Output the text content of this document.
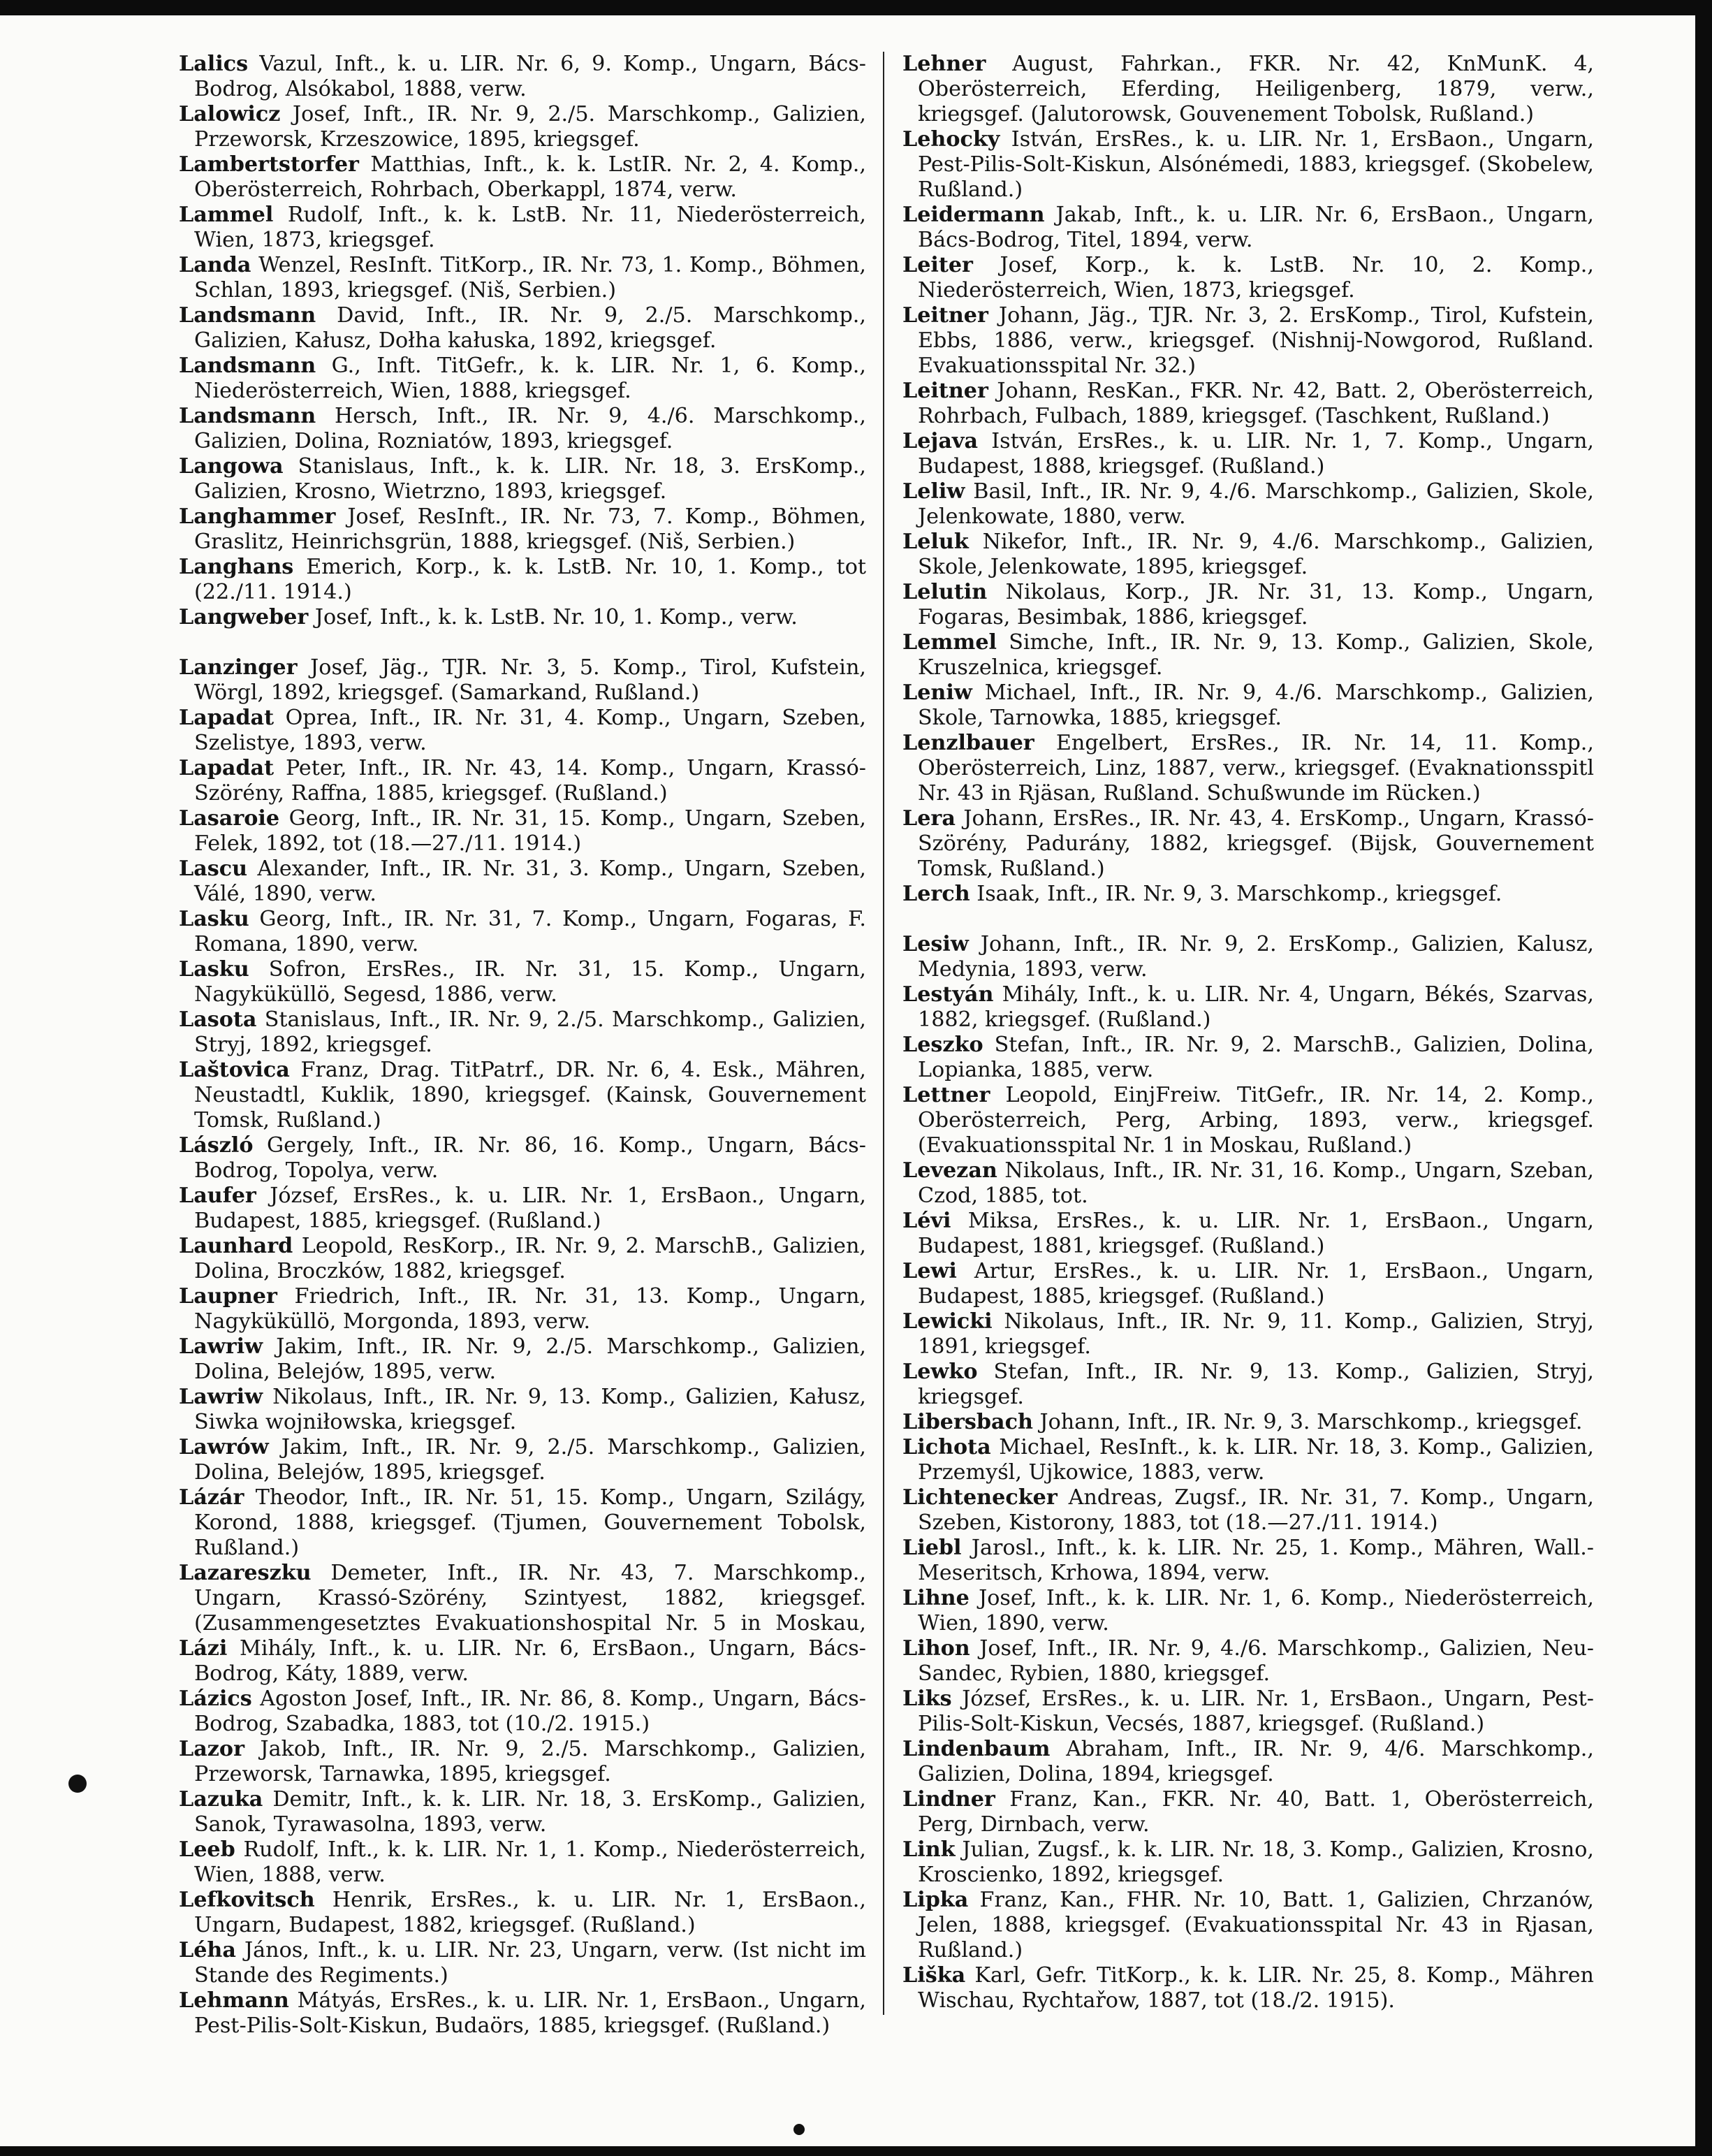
Lalics Vazul, Inft., k. u. LIR. Nr. 6, 9. Komp., Ungarn, Bács-Bodrog, Alsókabol, 1888, verw.
Lalowicz Josef, Inft., IR. Nr. 9, 2./5. Marschkomp., Galizien, Przeworsk, Krzeszowice, 1895, kriegsgef.
Lambertstorfer Matthias, Inft., k. k. LstIR. Nr. 2, 4. Komp., Oberösterreich, Rohrbach, Oberkappl, 1874, verw.
Lammel Rudolf, Inft., k. k. LstB. Nr. 11, Niederösterreich, Wien, 1873, kriegsgef.
Landa Wenzel, ResInft. TitKorp., IR. Nr. 73, 1. Komp., Böhmen, Schlan, 1893, kriegsgef. (Niš, Serbien.)
Landsmann David, Inft., IR. Nr. 9, 2./5. Marschkomp., Galizien, Kałusz, Dołha kałuska, 1892, kriegsgef.
Landsmann G., Inft. TitGefr., k. k. LIR. Nr. 1, 6. Komp., Niederösterreich, Wien, 1888, kriegsgef.
Landsmann Hersch, Inft., IR. Nr. 9, 4./6. Marschkomp., Galizien, Dolina, Rozniatów, 1893, kriegsgef.
Langowa Stanislaus, Inft., k. k. LIR. Nr. 18, 3. ErsKomp., Galizien, Krosno, Wietrzno, 1893, kriegsgef.
Langhammer Josef, ResInft., IR. Nr. 73, 7. Komp., Böhmen, Graslitz, Heinrichsgrün, 1888, kriegsgef. (Niš, Serbien.)
Langhans Emerich, Korp., k. k. LstB. Nr. 10, 1. Komp., tot (22./11. 1914.)
Langweber Josef, Inft., k. k. LstB. Nr. 10, 1. Komp., verw.
Lanzinger Josef, Jäg., TJR. Nr. 3, 5. Komp., Tirol, Kufstein, Wörgl, 1892, kriegsgef. (Samarkand, Rußland.)
Lapadat Oprea, Inft., IR. Nr. 31, 4. Komp., Ungarn, Szeben, Szelistye, 1893, verw.
Lapadat Peter, Inft., IR. Nr. 43, 14. Komp., Ungarn, Krassó-Szörény, Raffna, 1885, kriegsgef. (Rußland.)
Lasaroie Georg, Inft., IR. Nr. 31, 15. Komp., Ungarn, Szeben, Felek, 1892, tot (18.—27./11. 1914.)
Lascu Alexander, Inft., IR. Nr. 31, 3. Komp., Ungarn, Szeben, Válé, 1890, verw.
Lasku Georg, Inft., IR. Nr. 31, 7. Komp., Ungarn, Fogaras, F. Romana, 1890, verw.
Lasku Sofron, ErsRes., IR. Nr. 31, 15. Komp., Ungarn, Nagyküküllö, Segesd, 1886, verw.
Lasota Stanislaus, Inft., IR. Nr. 9, 2./5. Marschkomp., Galizien, Stryj, 1892, kriegsgef.
Laštovica Franz, Drag. TitPatrf., DR. Nr. 6, 4. Esk., Mähren, Neustadtl, Kuklik, 1890, kriegsgef. (Kainsk, Gouvernement Tomsk, Rußland.)
László Gergely, Inft., IR. Nr. 86, 16. Komp., Ungarn, Bács-Bodrog, Topolya, verw.
Laufer József, ErsRes., k. u. LIR. Nr. 1, ErsBaon., Ungarn, Budapest, 1885, kriegsgef. (Rußland.)
Launhard Leopold, ResKorp., IR. Nr. 9, 2. MarschB., Galizien, Dolina, Broczków, 1882, kriegsgef.
Laupner Friedrich, Inft., IR. Nr. 31, 13. Komp., Ungarn, Nagyküküllö, Morgonda, 1893, verw.
Lawriw Jakim, Inft., IR. Nr. 9, 2./5. Marschkomp., Galizien, Dolina, Belejów, 1895, verw.
Lawriw Nikolaus, Inft., IR. Nr. 9, 13. Komp., Galizien, Kałusz, Siwka wojniłowska, kriegsgef.
Lawrów Jakim, Inft., IR. Nr. 9, 2./5. Marschkomp., Galizien, Dolina, Belejów, 1895, kriegsgef.
Lázár Theodor, Inft., IR. Nr. 51, 15. Komp., Ungarn, Szilágy, Korond, 1888, kriegsgef. (Tjumen, Gouvernement Tobolsk, Rußland.)
Lazareszku Demeter, Inft., IR. Nr. 43, 7. Marschkomp., Ungarn, Krassó-Szörény, Szintyest, 1882, kriegsgef. (Zusammengesetztes Evakuationshospital Nr. 5 in Moskau,
Lázi Mihály, Inft., k. u. LIR. Nr. 6, ErsBaon., Ungarn, Bács-Bodrog, Káty, 1889, verw.
Lázics Agoston Josef, Inft., IR. Nr. 86, 8. Komp., Ungarn, Bács-Bodrog, Szabadka, 1883, tot (10./2. 1915.)
Lazor Jakob, Inft., IR. Nr. 9, 2./5. Marschkomp., Galizien, Przeworsk, Tarnawka, 1895, kriegsgef.
Lazuka Demitr, Inft., k. k. LIR. Nr. 18, 3. ErsKomp., Galizien, Sanok, Tyrawasolna, 1893, verw.
Leeb Rudolf, Inft., k. k. LIR. Nr. 1, 1. Komp., Niederösterreich, Wien, 1888, verw.
Lefkovitsch Henrik, ErsRes., k. u. LIR. Nr. 1, ErsBaon., Ungarn, Budapest, 1882, kriegsgef. (Rußland.)
Léha János, Inft., k. u. LIR. Nr. 23, Ungarn, verw. (Ist nicht im Stande des Regiments.)
Lehmann Mátyás, ErsRes., k. u. LIR. Nr. 1, ErsBaon., Ungarn, Pest-Pilis-Solt-Kiskun, Budaörs, 1885, kriegsgef. (Rußland.)
Lehner August, Fahrkan., FKR. Nr. 42, KnMunK. 4, Oberösterreich, Eferding, Heiligenberg, 1879, verw., kriegsgef. (Jalutorowsk, Gouvenement Tobolsk, Rußland.)
Lehocky István, ErsRes., k. u. LIR. Nr. 1, ErsBaon., Ungarn, Pest-Pilis-Solt-Kiskun, Alsónémedi, 1883, kriegsgef. (Skobelew, Rußland.)
Leidermann Jakab, Inft., k. u. LIR. Nr. 6, ErsBaon., Ungarn, Bács-Bodrog, Titel, 1894, verw.
Leiter Josef, Korp., k. k. LstB. Nr. 10, 2. Komp., Niederösterreich, Wien, 1873, kriegsgef.
Leitner Johann, Jäg., TJR. Nr. 3, 2. ErsKomp., Tirol, Kufstein, Ebbs, 1886, verw., kriegsgef. (Nishnij-Nowgorod, Rußland. Evakuationsspital Nr. 32.)
Leitner Johann, ResKan., FKR. Nr. 42, Batt. 2, Oberösterreich, Rohrbach, Fulbach, 1889, kriegsgef. (Taschkent, Rußland.)
Lejava István, ErsRes., k. u. LIR. Nr. 1, 7. Komp., Ungarn, Budapest, 1888, kriegsgef. (Rußland.)
Leliw Basil, Inft., IR. Nr. 9, 4./6. Marschkomp., Galizien, Skole, Jelenkowate, 1880, verw.
Leluk Nikefor, Inft., IR. Nr. 9, 4./6. Marschkomp., Galizien, Skole, Jelenkowate, 1895, kriegsgef.
Lelutin Nikolaus, Korp., JR. Nr. 31, 13. Komp., Ungarn, Fogaras, Besimbak, 1886, kriegsgef.
Lemmel Simche, Inft., IR. Nr. 9, 13. Komp., Galizien, Skole, Kruszelnica, kriegsgef.
Leniw Michael, Inft., IR. Nr. 9, 4./6. Marschkomp., Galizien, Skole, Tarnowka, 1885, kriegsgef.
Lenzlbauer Engelbert, ErsRes., IR. Nr. 14, 11. Komp., Oberösterreich, Linz, 1887, verw., kriegsgef. (Evaknationsspitl Nr. 43 in Rjäsan, Rußland. Schußwunde im Rücken.)
Lera Johann, ErsRes., IR. Nr. 43, 4. ErsKomp., Ungarn, Krassó-Szörény, Padurány, 1882, kriegsgef. (Bijsk, Gouvernement Tomsk, Rußland.)
Lerch Isaak, Inft., IR. Nr. 9, 3. Marschkomp., kriegsgef.
Lesiw Johann, Inft., IR. Nr. 9, 2. ErsKomp., Galizien, Kalusz, Medynia, 1893, verw.
Lestyán Mihály, Inft., k. u. LIR. Nr. 4, Ungarn, Békés, Szarvas, 1882, kriegsgef. (Rußland.)
Leszko Stefan, Inft., IR. Nr. 9, 2. MarschB., Galizien, Dolina, Lopianka, 1885, verw.
Lettner Leopold, EinjFreiw. TitGefr., IR. Nr. 14, 2. Komp., Oberösterreich, Perg, Arbing, 1893, verw., kriegsgef. (Evakuationsspital Nr. 1 in Moskau, Rußland.)
Levezan Nikolaus, Inft., IR. Nr. 31, 16. Komp., Ungarn, Szeban, Czod, 1885, tot.
Lévi Miksa, ErsRes., k. u. LIR. Nr. 1, ErsBaon., Ungarn, Budapest, 1881, kriegsgef. (Rußland.)
Lewi Artur, ErsRes., k. u. LIR. Nr. 1, ErsBaon., Ungarn, Budapest, 1885, kriegsgef. (Rußland.)
Lewicki Nikolaus, Inft., IR. Nr. 9, 11. Komp., Galizien, Stryj, 1891, kriegsgef.
Lewko Stefan, Inft., IR. Nr. 9, 13. Komp., Galizien, Stryj, kriegsgef.
Libersbach Johann, Inft., IR. Nr. 9, 3. Marschkomp., kriegsgef.
Lichota Michael, ResInft., k. k. LIR. Nr. 18, 3. Komp., Galizien, Przemyśl, Ujkowice, 1883, verw.
Lichtenecker Andreas, Zugsf., IR. Nr. 31, 7. Komp., Ungarn, Szeben, Kistorony, 1883, tot (18.—27./11. 1914.)
Liebl Jarosl., Inft., k. k. LIR. Nr. 25, 1. Komp., Mähren, Wall.-Meseritsch, Krhowa, 1894, verw.
Lihne Josef, Inft., k. k. LIR. Nr. 1, 6. Komp., Niederösterreich, Wien, 1890, verw.
Lihon Josef, Inft., IR. Nr. 9, 4./6. Marschkomp., Galizien, Neu-Sandec, Rybien, 1880, kriegsgef.
Liks József, ErsRes., k. u. LIR. Nr. 1, ErsBaon., Ungarn, Pest-Pilis-Solt-Kiskun, Vecsés, 1887, kriegsgef. (Rußland.)
Lindenbaum Abraham, Inft., IR. Nr. 9, 4/6. Marschkomp., Galizien, Dolina, 1894, kriegsgef.
Lindner Franz, Kan., FKR. Nr. 40, Batt. 1, Oberösterreich, Perg, Dirnbach, verw.
Link Julian, Zugsf., k. k. LIR. Nr. 18, 3. Komp., Galizien, Krosno, Kroscienko, 1892, kriegsgef.
Lipka Franz, Kan., FHR. Nr. 10, Batt. 1, Galizien, Chrzanów, Jelen, 1888, kriegsgef. (Evakuationsspital Nr. 43 in Rjasan, Rußland.)
Liška Karl, Gefr. TitKorp., k. k. LIR. Nr. 25, 8. Komp., Mähren Wischau, Rychtařow, 1887, tot (18./2. 1915).
